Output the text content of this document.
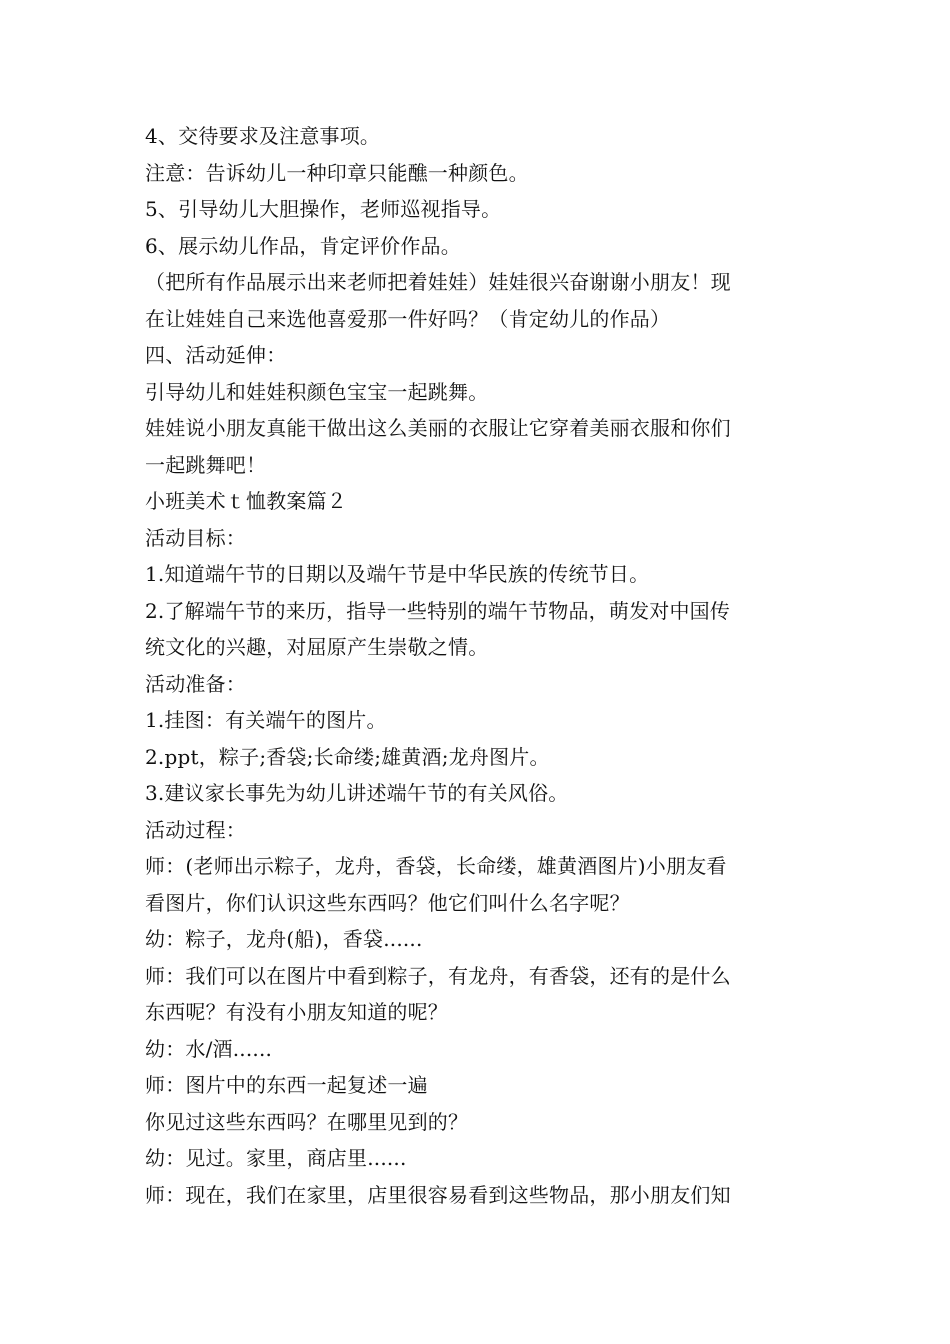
4、交待要求及注意事项。
注意：告诉幼儿一种印章只能醮一种颜色。
5、引导幼儿大胆操作，老师巡视指导。
6、展示幼儿作品，肯定评价作品。
（把所有作品展示出来老师把着娃娃）娃娃很兴奋谢谢小朋友！现
在让娃娃自己来选他喜爱那一件好吗？（肯定幼儿的作品）
四、活动延伸：
引导幼儿和娃娃积颜色宝宝一起跳舞。
娃娃说小朋友真能干做出这么美丽的衣服让它穿着美丽衣服和你们
一起跳舞吧！
小班美术ｔ恤教案篇２
活动目标：
1.知道端午节的日期以及端午节是中华民族的传统节日。
2.了解端午节的来历，指导一些特别的端午节物品，萌发对中国传
统文化的兴趣，对屈原产生崇敬之情。
活动准备：
1.挂图：有关端午的图片。
2.ppt，粽子;香袋;长命缕;雄黄酒;龙舟图片。
3.建议家长事先为幼儿讲述端午节的有关风俗。
活动过程：
师：(老师出示粽子，龙舟，香袋，长命缕，雄黄酒图片)小朋友看
看图片，你们认识这些东西吗？他它们叫什么名字呢？
幼：粽子，龙舟(船)，香袋......
师：我们可以在图片中看到粽子，有龙舟，有香袋，还有的是什么
东西呢？有没有小朋友知道的呢？
幼：水/酒......
师：图片中的东西一起复述一遍
你见过这些东西吗？在哪里见到的？
幼：见过。家里，商店里......
师：现在，我们在家里，店里很容易看到这些物品，那小朋友们知
